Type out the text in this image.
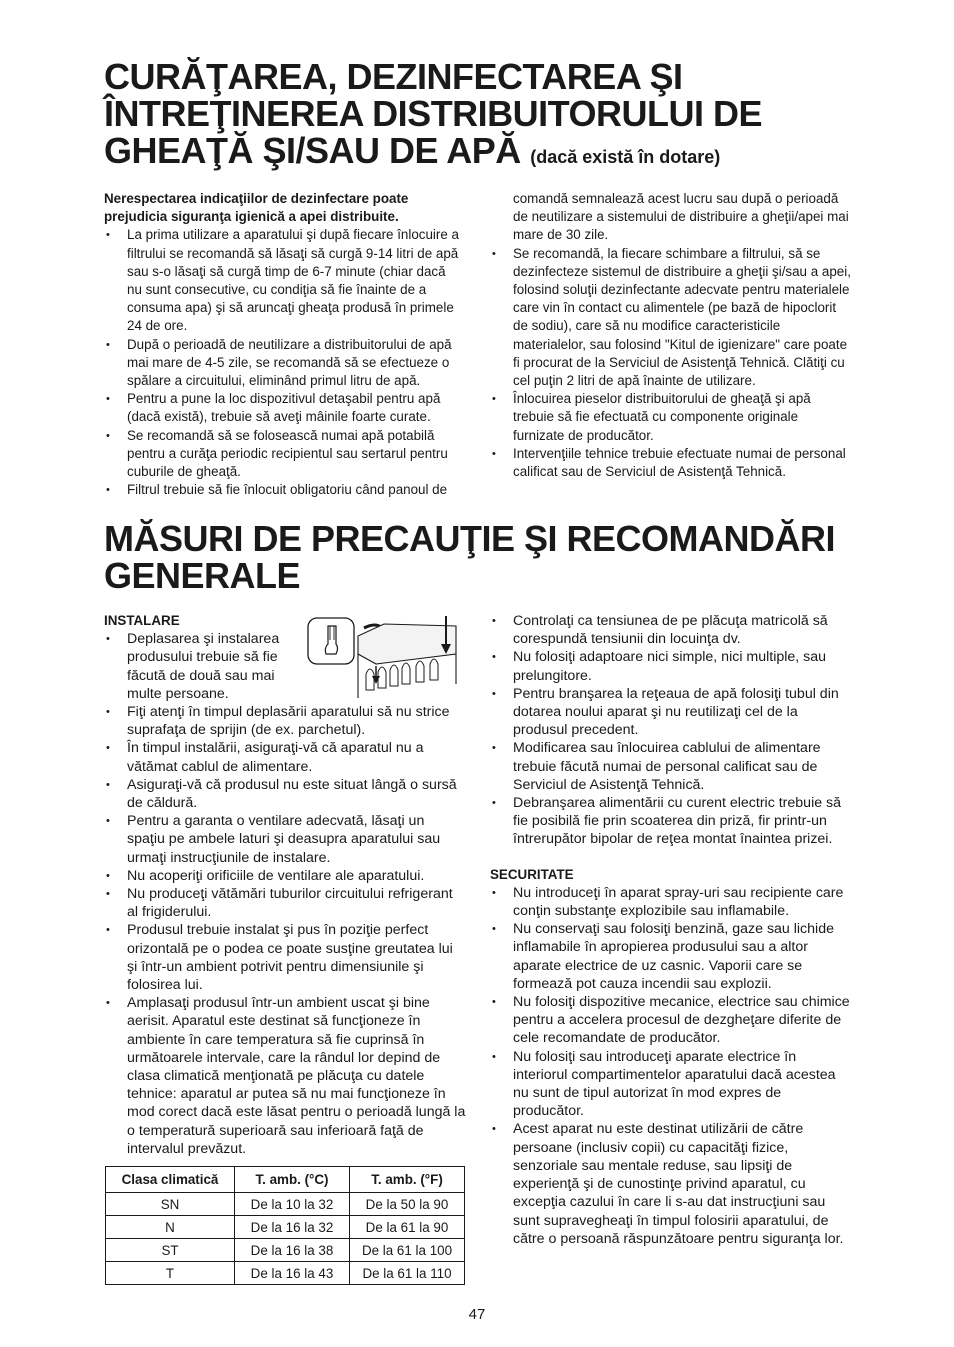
CURĂŢAREA, DEZINFECTAREA ŞI ÎNTREŢINEREA DISTRIBUITORULUI DE GHEAŢĂ ŞI/SAU DE APĂ (dacă există în dotare)
Nerespectarea indicaţiilor de dezinfectare poate prejudicia siguranţa igienică a apei distribuite.
• La prima utilizare a aparatului şi după fiecare înlocuire a filtrului se recomandă să lăsaţi să curgă 9-14 litri de apă sau s-o lăsaţi să curgă timp de 6-7 minute (chiar dacă nu sunt consecutive, cu condiţia să fie înainte de a consuma apa) şi să aruncaţi gheaţa produsă în primele 24 de ore.
• După o perioadă de neutilizare a distribuitorului de apă mai mare de 4-5 zile, se recomandă să se efectueze o spălare a circuitului, eliminând primul litru de apă.
• Pentru a pune la loc dispozitivul detaşabil pentru apă (dacă există), trebuie să aveţi mâinile foarte curate.
• Se recomandă să se folosească numai apă potabilă pentru a curăţa periodic recipientul sau sertarul pentru cuburile de gheaţă.
• Filtrul trebuie să fie înlocuit obligatoriu când panoul de
comandă semnalează acest lucru sau după o perioadă de neutilizare a sistemului de distribuire a gheţii/apei mai mare de 30 zile.
• Se recomandă, la fiecare schimbare a filtrului, să se dezinfecteze sistemul de distribuire a gheţii şi/sau a apei, folosind soluţii dezinfectante adecvate pentru materialele care vin în contact cu alimentele (pe bază de hipoclorit de sodiu), care să nu modifice caracteristicile materialelor, sau folosind "Kitul de igienizare" care poate fi procurat de la Serviciul de Asistenţă Tehnică. Clătiţi cu cel puţin 2 litri de apă înainte de utilizare.
• Înlocuirea pieselor distribuitorului de gheaţă şi apă trebuie să fie efectuată cu componente originale furnizate de producător.
• Intervenţiile tehnice trebuie efectuate numai de personal calificat sau de Serviciul de Asistenţă Tehnică.
MĂSURI DE PRECAUŢIE ŞI RECOMANDĂRI GENERALE
INSTALARE
• Deplasarea şi instalarea produsului trebuie să fie făcută de două sau mai multe persoane.
• Fiţi atenţi în timpul deplasării aparatului să nu strice suprafaţa de sprijin (de ex. parchetul).
• În timpul instalării, asiguraţi-vă că aparatul nu a vătămat cablul de alimentare.
• Asiguraţi-vă că produsul nu este situat lângă o sursă de căldură.
• Pentru a garanta o ventilare adecvată, lăsaţi un spaţiu pe ambele laturi şi deasupra aparatului sau urmaţi instrucţiunile de instalare.
• Nu acoperiţi orificiile de ventilare ale aparatului.
• Nu produceţi vătămări tuburilor circuitului refrigerant al frigiderului.
• Produsul trebuie instalat şi pus în poziţie perfect orizontală pe o podea ce poate susţine greutatea lui şi într-un ambient potrivit pentru dimensiunile şi folosirea lui.
• Amplasaţi produsul într-un ambient uscat şi bine aerisit. Aparatul este destinat să funcţioneze în ambiente în care temperatura să fie cuprinsă în următoarele intervale, care la rândul lor depind de clasa climatică menţionată pe plăcuţa cu datele tehnice: aparatul ar putea să nu mai funcţioneze în mod corect dacă este lăsat pentru o perioadă lungă la o temperatură superioară sau inferioară faţă de intervalul prevăzut.
Clasa climatică	T. amb. (°C)	T. amb. (°F)
SN	De la 10 la 32	De la 50 la 90
N	De la 16 la 32	De la 61 la 90
ST	De la 16 la 38	De la 61 la 100
T	De la 16 la 43	De la 61 la 110
• Controlaţi ca tensiunea de pe plăcuţa matricolă să corespundă tensiunii din locuinţa dv.
• Nu folosiţi adaptoare nici simple, nici multiple, sau prelungitore.
• Pentru branşarea la reţeaua de apă folosiţi tubul din dotarea noului aparat şi nu reutilizaţi cel de la produsul precedent.
• Modificarea sau înlocuirea cablului de alimentare trebuie făcută numai de personal calificat sau de Serviciul de Asistenţă Tehnică.
• Debranşarea alimentării cu curent electric trebuie să fie posibilă fie prin scoaterea din priză, fir printr-un întrerupător bipolar de reţea montat înaintea prizei.
SECURITATE
• Nu introduceţi în aparat spray-uri sau recipiente care conţin substanţe explozibile sau inflamabile.
• Nu conservaţi sau folosiţi benzină, gaze sau lichide inflamabile în apropierea produsului sau a altor aparate electrice de uz casnic. Vaporii care se formează pot cauza incendii sau explozii.
• Nu folosiţi dispozitive mecanice, electrice sau chimice pentru a accelera procesul de dezgheţare diferite de cele recomandate de producător.
• Nu folosiţi sau introduceţi aparate electrice în interiorul compartimentelor aparatului dacă acestea nu sunt de tipul autorizat în mod expres de producător.
• Acest aparat nu este destinat utilizării de către persoane (inclusiv copii) cu capacităţi fizice, senzoriale sau mentale reduse, sau lipsiţi de experienţă şi de cunostinţe privind aparatul, cu excepţia cazului în care li s-au dat instrucţiuni sau sunt supravegheaţi în timpul folosirii aparatului, de către o persoană răspunzătoare pentru siguranţa lor.
47
